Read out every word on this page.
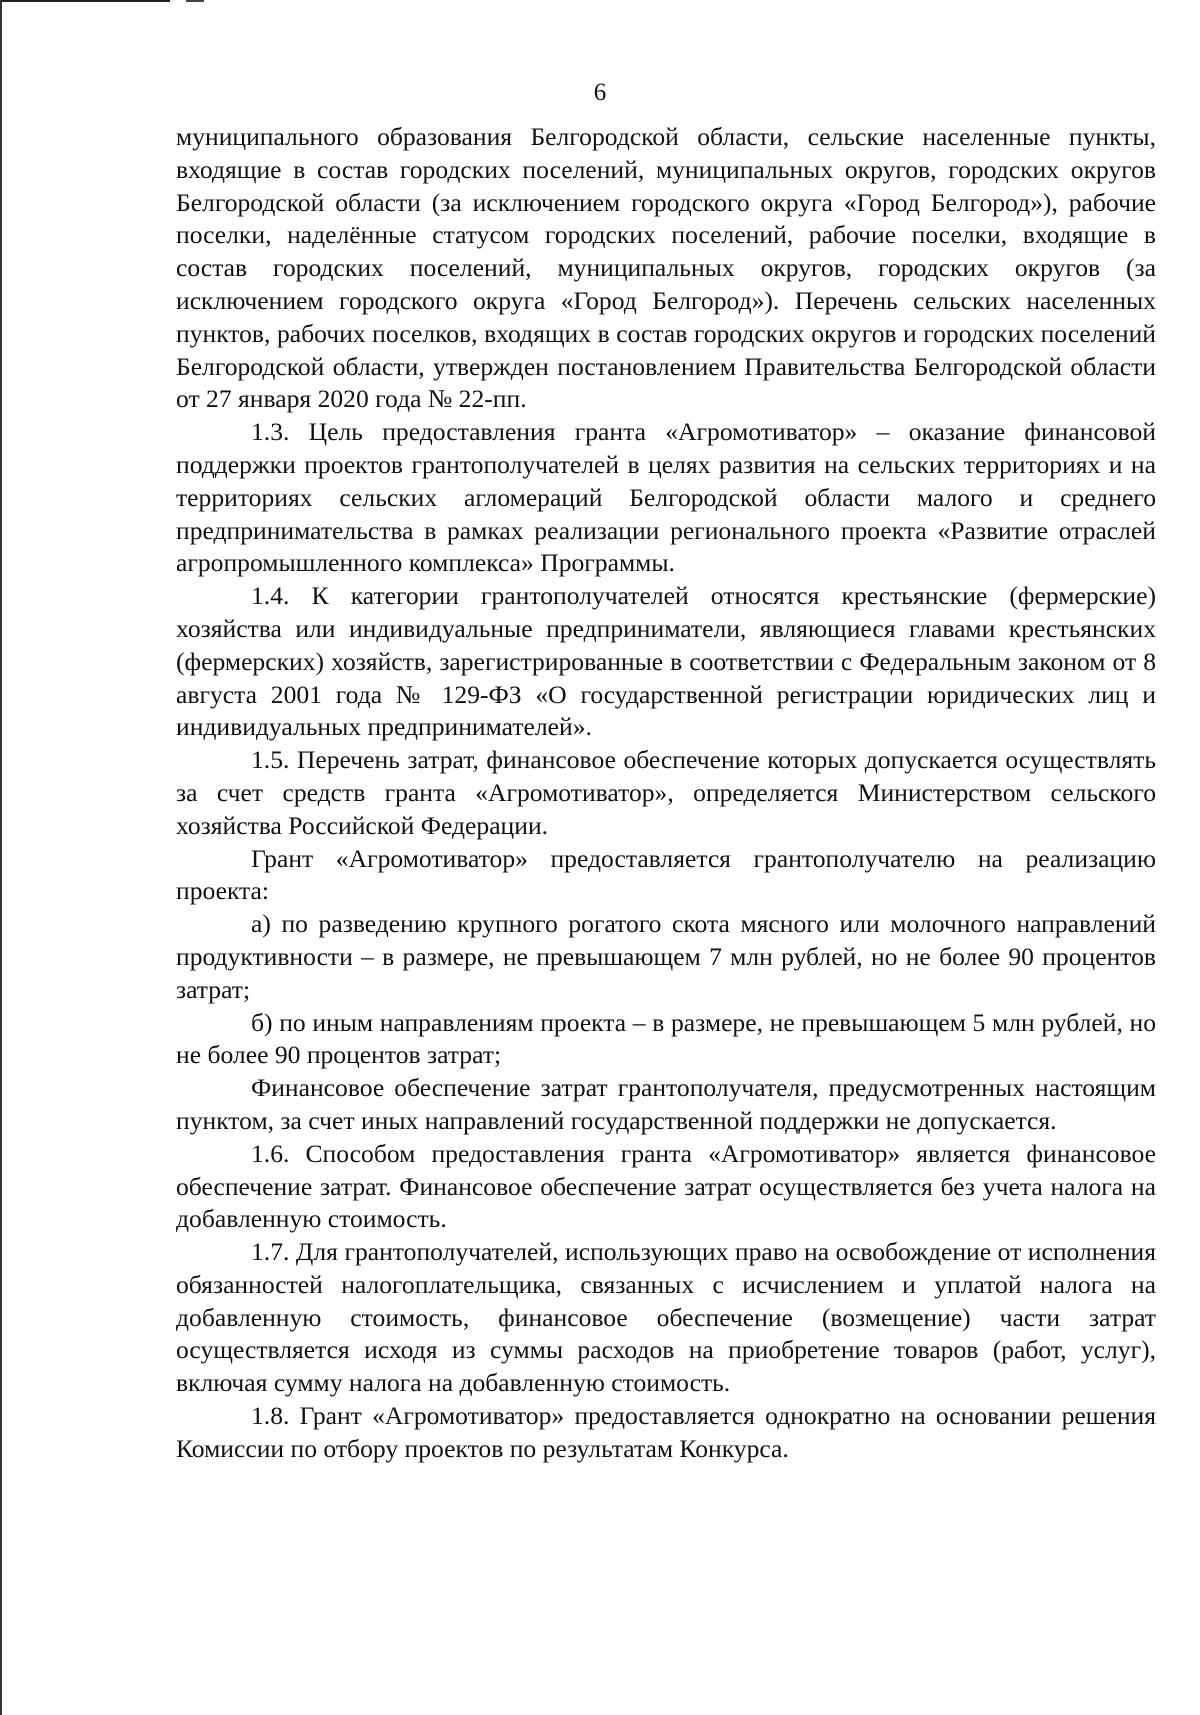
6

муниципального образования Белгородской области, сельские населенные пункты, входящие в состав городских поселений, муниципальных округов, городских округов Белгородской области (за исключением городского округа «Город Белгород»), рабочие поселки, наделённые статусом городских поселений, рабочие поселки, входящие в состав городских поселений, муниципальных округов, городских округов (за исключением городского округа «Город Белгород»). Перечень сельских населенных пунктов, рабочих поселков, входящих в состав городских округов и городских поселений Белгородской области, утвержден постановлением Правительства Белгородской области от 27 января 2020 года № 22-пп.

1.3. Цель предоставления гранта «Агромотиватор» – оказание финансовой поддержки проектов грантополучателей в целях развития на сельских территориях и на территориях сельских агломераций Белгородской области малого и среднего предпринимательства в рамках реализации регионального проекта «Развитие отраслей агропромышленного комплекса» Программы.

1.4. К категории грантополучателей относятся крестьянские (фермерские) хозяйства или индивидуальные предприниматели, являющиеся главами крестьянских (фермерских) хозяйств, зарегистрированные в соответствии с Федеральным законом от 8 августа 2001 года № 129-ФЗ «О государственной регистрации юридических лиц и индивидуальных предпринимателей».

1.5. Перечень затрат, финансовое обеспечение которых допускается осуществлять за счет средств гранта «Агромотиватор», определяется Министерством сельского хозяйства Российской Федерации.

Грант «Агромотиватор» предоставляется грантополучателю на реализацию проекта:

а) по разведению крупного рогатого скота мясного или молочного направлений продуктивности – в размере, не превышающем 7 млн рублей, но не более 90 процентов затрат;

б) по иным направлениям проекта – в размере, не превышающем 5 млн рублей, но не более 90 процентов затрат;

Финансовое обеспечение затрат грантополучателя, предусмотренных настоящим пунктом, за счет иных направлений государственной поддержки не допускается.

1.6. Способом предоставления гранта «Агромотиватор» является финансовое обеспечение затрат. Финансовое обеспечение затрат осуществляется без учета налога на добавленную стоимость.

1.7. Для грантополучателей, использующих право на освобождение от исполнения обязанностей налогоплательщика, связанных с исчислением и уплатой налога на добавленную стоимость, финансовое обеспечение (возмещение) части затрат осуществляется исходя из суммы расходов на приобретение товаров (работ, услуг), включая сумму налога на добавленную стоимость.

1.8. Грант «Агромотиватор» предоставляется однократно на основании решения Комиссии по отбору проектов по результатам Конкурса.
